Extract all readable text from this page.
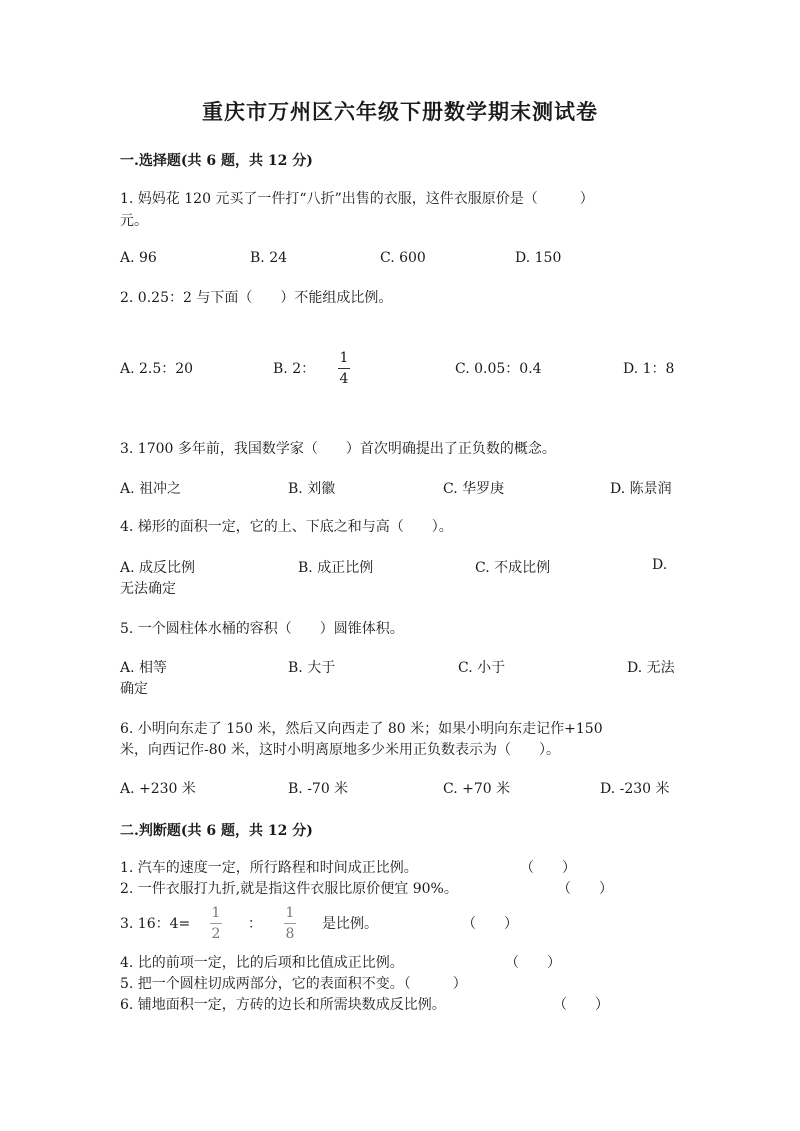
重庆市万州区六年级下册数学期末测试卷
一.选择题(共 6 题，共 12 分)
1. 妈妈花 120 元买了一件打“八折”出售的衣服，这件衣服原价是（　　　）
元。
A. 96	B. 24	C. 600	D. 150
2. 0.25：2 与下面（　　）不能组成比例。
A. 2.5：20	B. 2：
1
4
C. 0.05：0.4	D. 1：8
3. 1700 多年前，我国数学家（　　）首次明确提出了正负数的概念。
A. 祖冲之	B. 刘徽	C. 华罗庚	D. 陈景润
4. 梯形的面积一定，它的上、下底之和与高（　　）。
A. 成反比例	B. 成正比例	C. 不成比例	D.
无法确定
5. 一个圆柱体水桶的容积（　　）圆锥体积。
A. 相等	B. 大于	C. 小于	D. 无法
确定
6. 小明向东走了 150 米，然后又向西走了 80 米；如果小明向东走记作+150
米，向西记作-80 米，这时小明离原地多少米用正负数表示为（　　）。
A. +230 米	B. -70 米	C. +70 米	D. -230 米
二.判断题(共 6 题，共 12 分)
1. 汽车的速度一定，所行路程和时间成正比例。	（　　）
2. 一件衣服打九折,就是指这件衣服比原价便宜 90%。	（　　）
3. 16：4=
1
2
：
1
8
是比例。	（　　）
4. 比的前项一定，比的后项和比值成正比例。	（　　）
5. 把一个圆柱切成两部分，它的表面积不变。（　　　）
6. 铺地面积一定，方砖的边长和所需块数成反比例。	（　　）
